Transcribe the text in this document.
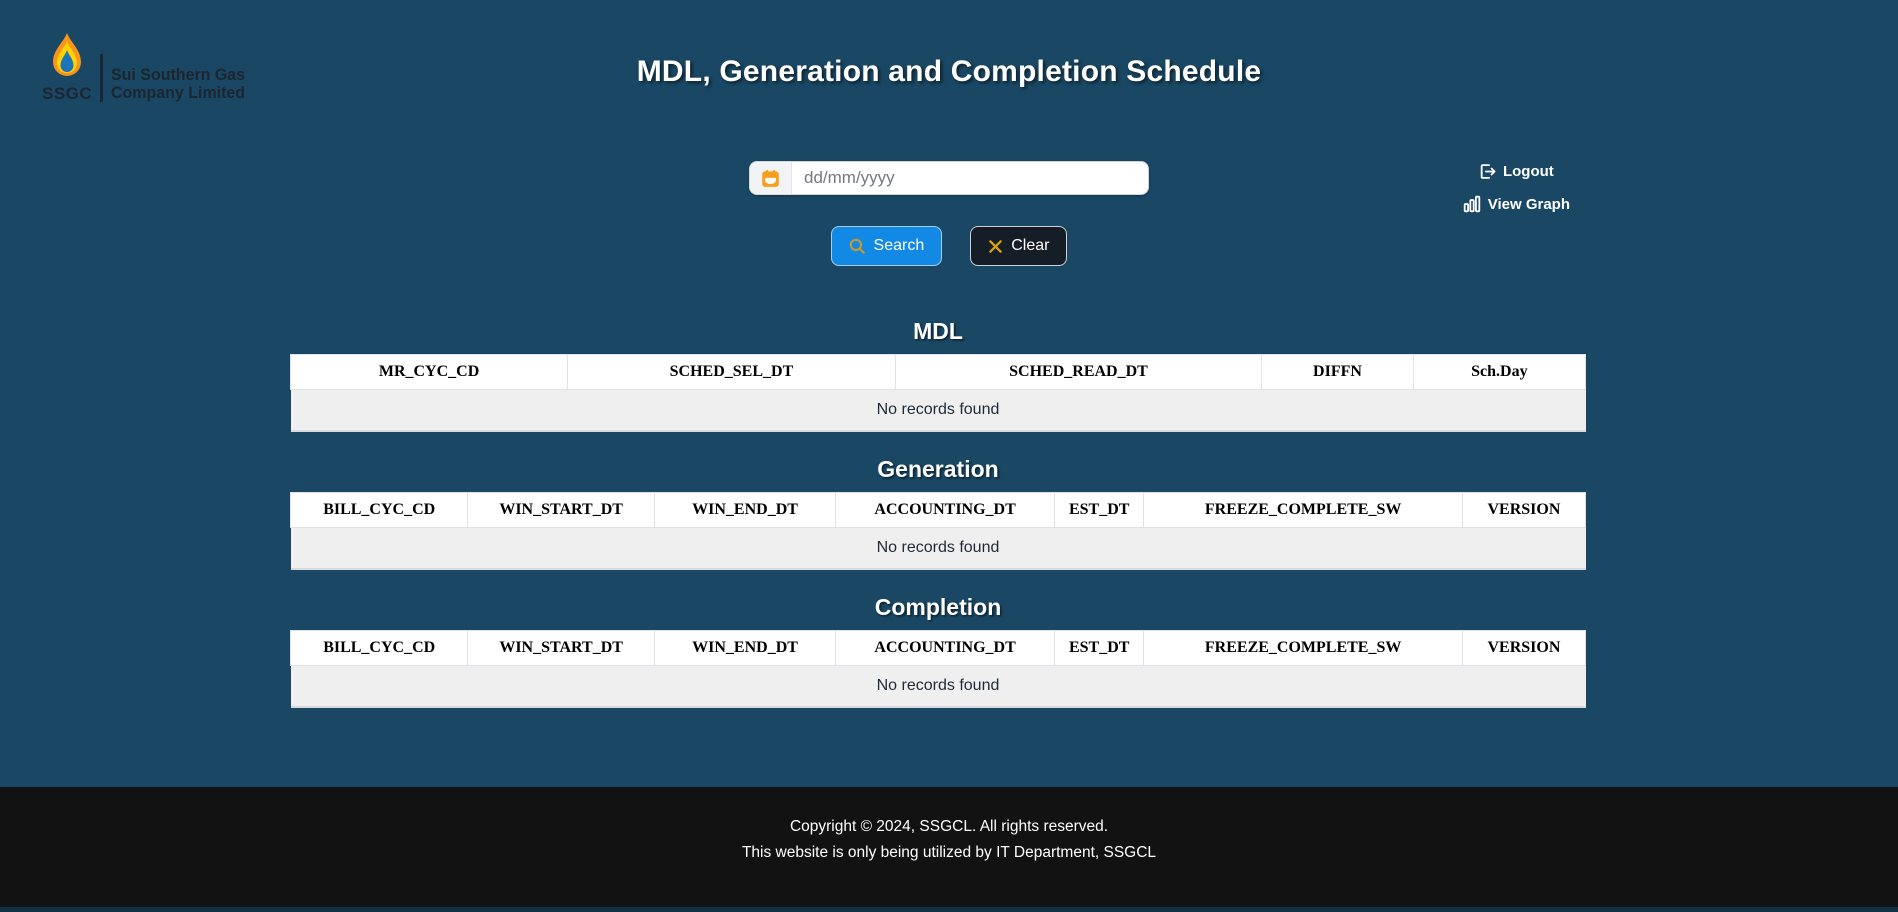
SSGC
Sui Southern Gas
Company Limited
MDL, Generation and Completion Schedule
dd/mm/yyyy
Search	Clear
Logout
View Graph
MDL
MR_CYC_CD	SCHED_SEL_DT	SCHED_READ_DT	DIFFN	Sch.Day
No records found
Generation
BILL_CYC_CD	WIN_START_DT	WIN_END_DT	ACCOUNTING_DT	EST_DT	FREEZE_COMPLETE_SW	VERSION
No records found
Completion
BILL_CYC_CD	WIN_START_DT	WIN_END_DT	ACCOUNTING_DT	EST_DT	FREEZE_COMPLETE_SW	VERSION
No records found
Copyright © 2024, SSGCL. All rights reserved.
This website is only being utilized by IT Department, SSGCL
